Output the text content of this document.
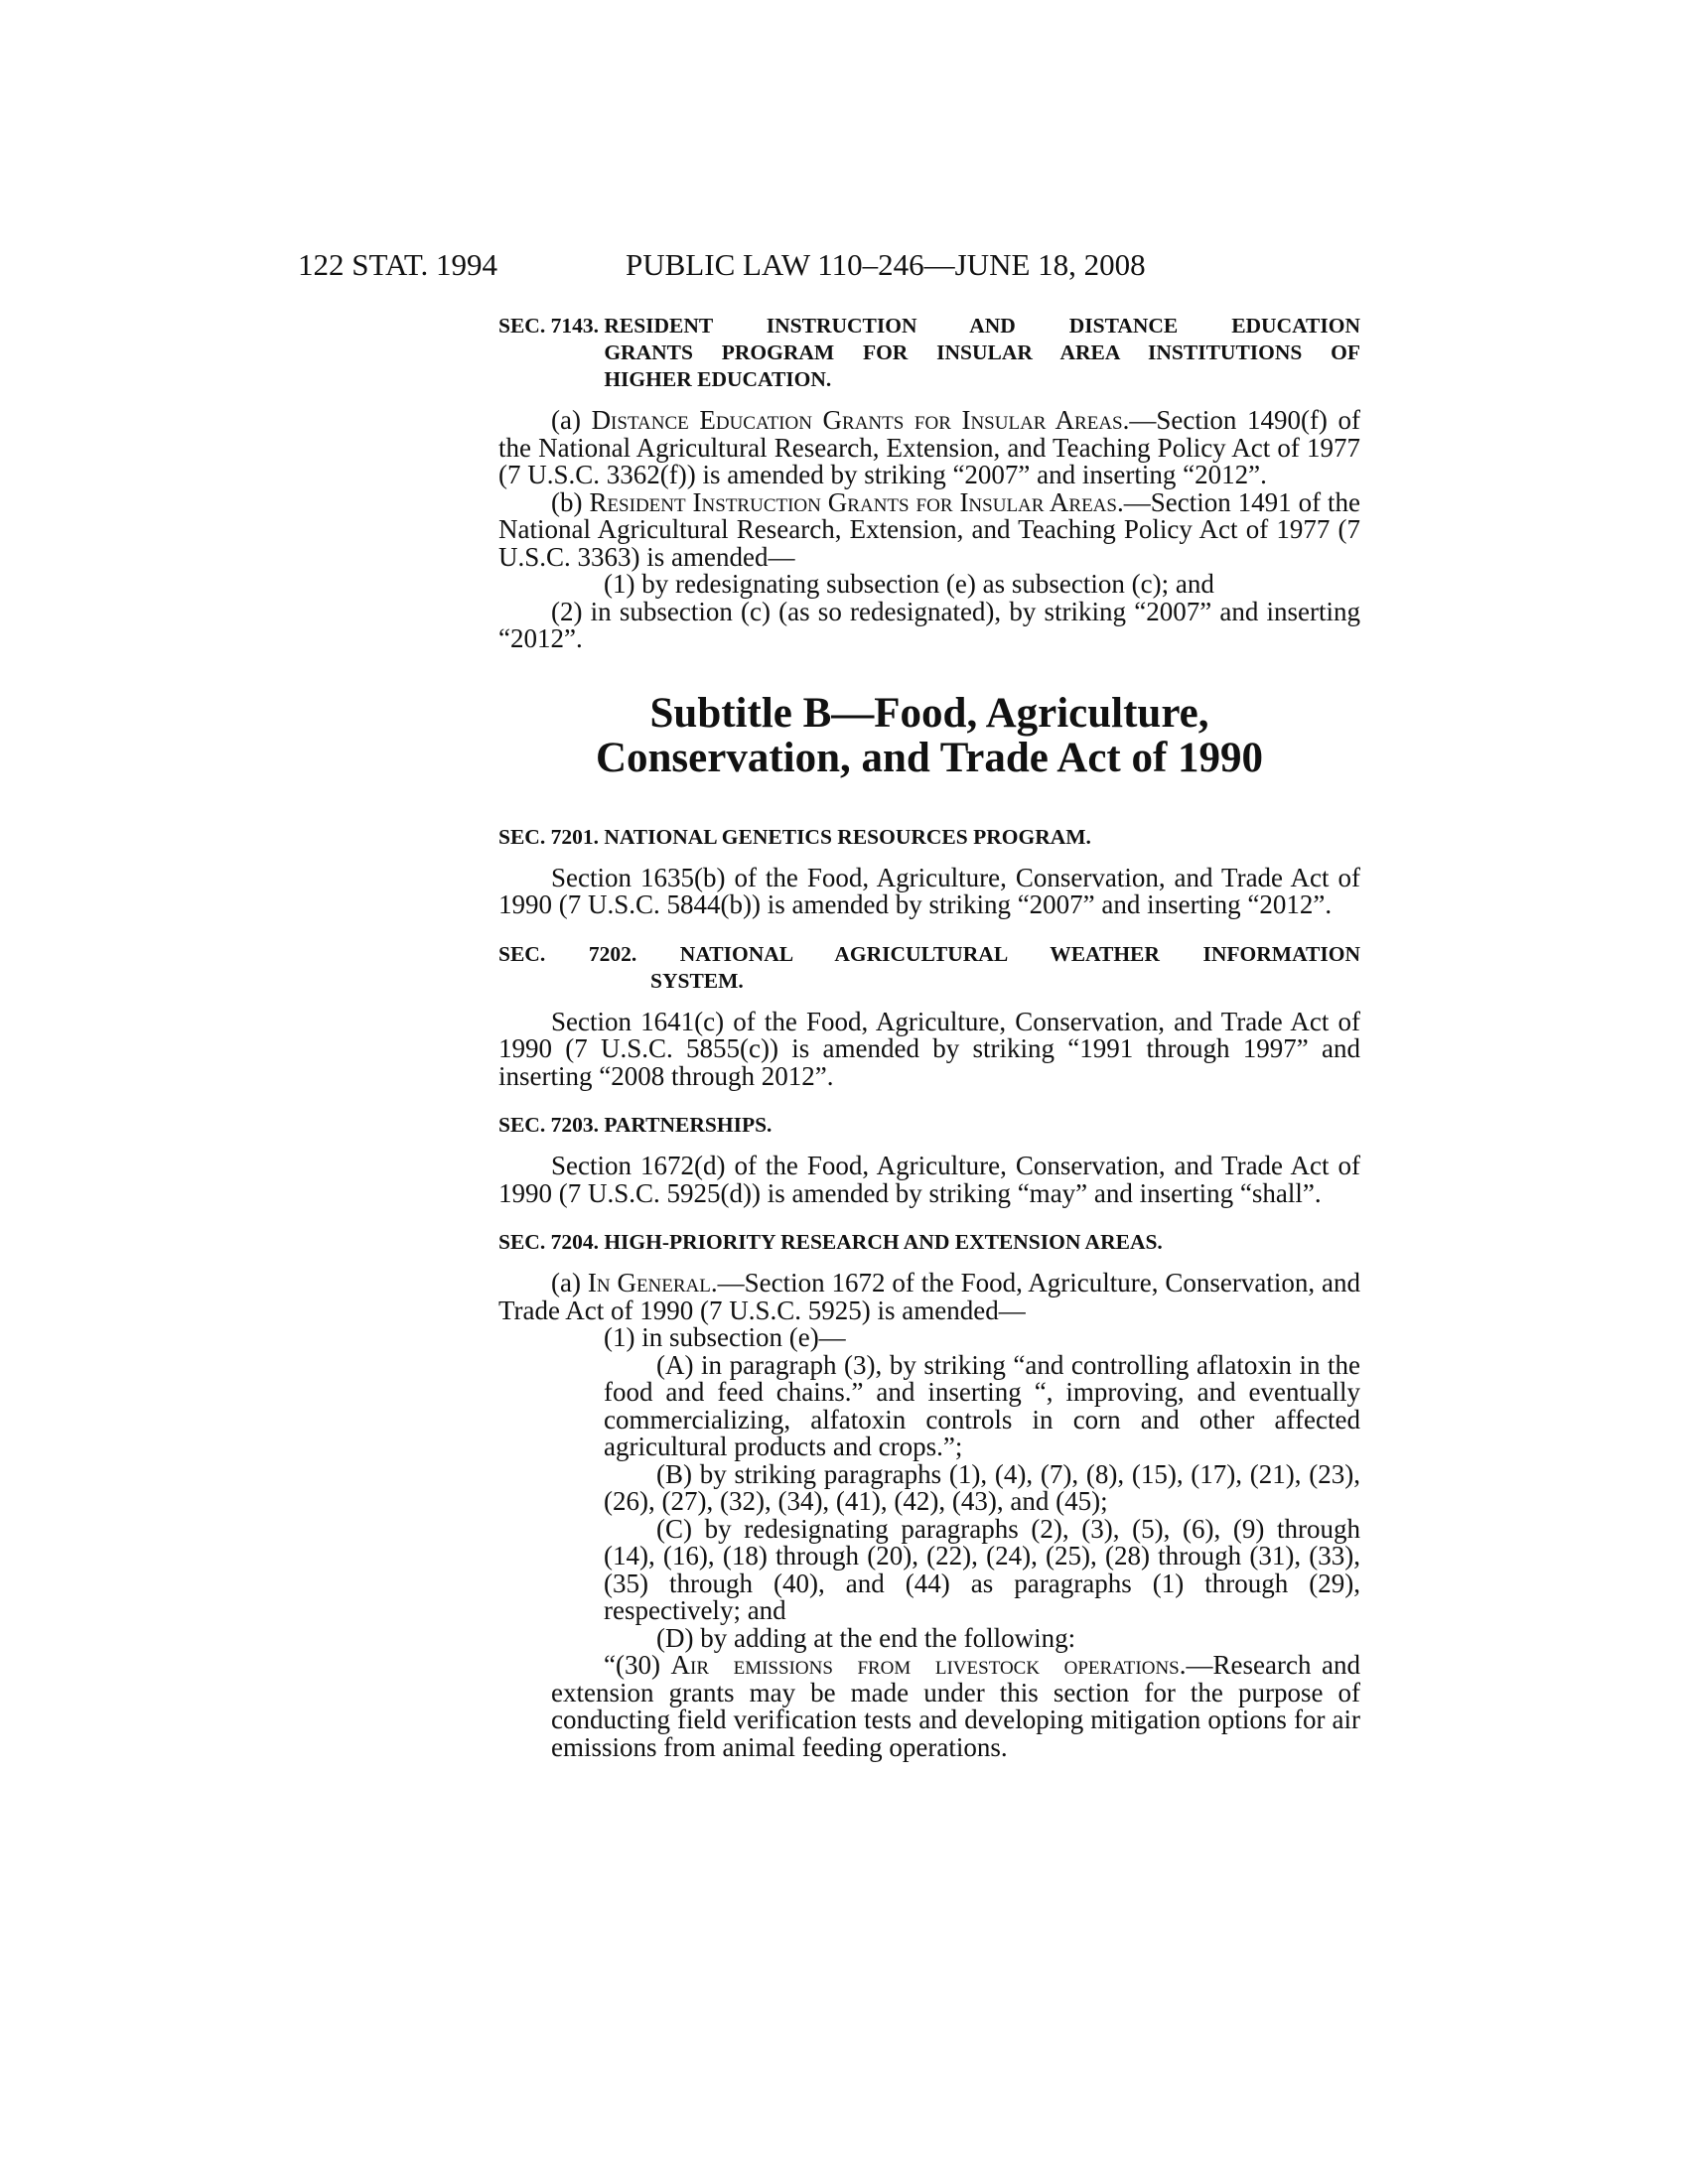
122 STAT. 1994	PUBLIC LAW 110–246—JUNE 18, 2008
SEC. 7143. RESIDENT INSTRUCTION AND DISTANCE EDUCATION
GRANTS PROGRAM FOR INSULAR AREA INSTITUTIONS OF
HIGHER EDUCATION.

(a) Distance Education Grants for Insular Areas.—Section 1490(f) of the National Agricultural Research, Extension, and Teaching Policy Act of 1977 (7 U.S.C. 3362(f)) is amended by striking “2007” and inserting “2012”.

(b) Resident Instruction Grants for Insular Areas.—Section 1491 of the National Agricultural Research, Extension, and Teaching Policy Act of 1977 (7 U.S.C. 3363) is amended—

(1) by redesignating subsection (e) as subsection (c); and

(2) in subsection (c) (as so redesignated), by striking “2007” and inserting “2012”.

Subtitle B—Food, Agriculture,
Conservation, and Trade Act of 1990
SEC. 7201. NATIONAL GENETICS RESOURCES PROGRAM.

Section 1635(b) of the Food, Agriculture, Conservation, and Trade Act of 1990 (7 U.S.C. 5844(b)) is amended by striking “2007” and inserting “2012”.

SEC. 7202. NATIONAL AGRICULTURAL WEATHER INFORMATION
SYSTEM.

Section 1641(c) of the Food, Agriculture, Conservation, and Trade Act of 1990 (7 U.S.C. 5855(c)) is amended by striking “1991 through 1997” and inserting “2008 through 2012”.

SEC. 7203. PARTNERSHIPS.

Section 1672(d) of the Food, Agriculture, Conservation, and Trade Act of 1990 (7 U.S.C. 5925(d)) is amended by striking “may” and inserting “shall”.

SEC. 7204. HIGH-PRIORITY RESEARCH AND EXTENSION AREAS.

(a) In General.—Section 1672 of the Food, Agriculture, Conservation, and Trade Act of 1990 (7 U.S.C. 5925) is amended—

(1) in subsection (e)—

(A) in paragraph (3), by striking “and controlling aflatoxin in the food and feed chains.” and inserting “, improving, and eventually commercializing, alfatoxin controls in corn and other affected agricultural products and crops.”;

(B) by striking paragraphs (1), (4), (7), (8), (15), (17), (21), (23), (26), (27), (32), (34), (41), (42), (43), and (45);

(C) by redesignating paragraphs (2), (3), (5), (6), (9) through (14), (16), (18) through (20), (22), (24), (25), (28) through (31), (33), (35) through (40), and (44) as paragraphs (1) through (29), respectively; and

(D) by adding at the end the following:

“(30) Air emissions from livestock operations.—Research and extension grants may be made under this section for the purpose of conducting field verification tests and developing mitigation options for air emissions from animal feeding operations.
